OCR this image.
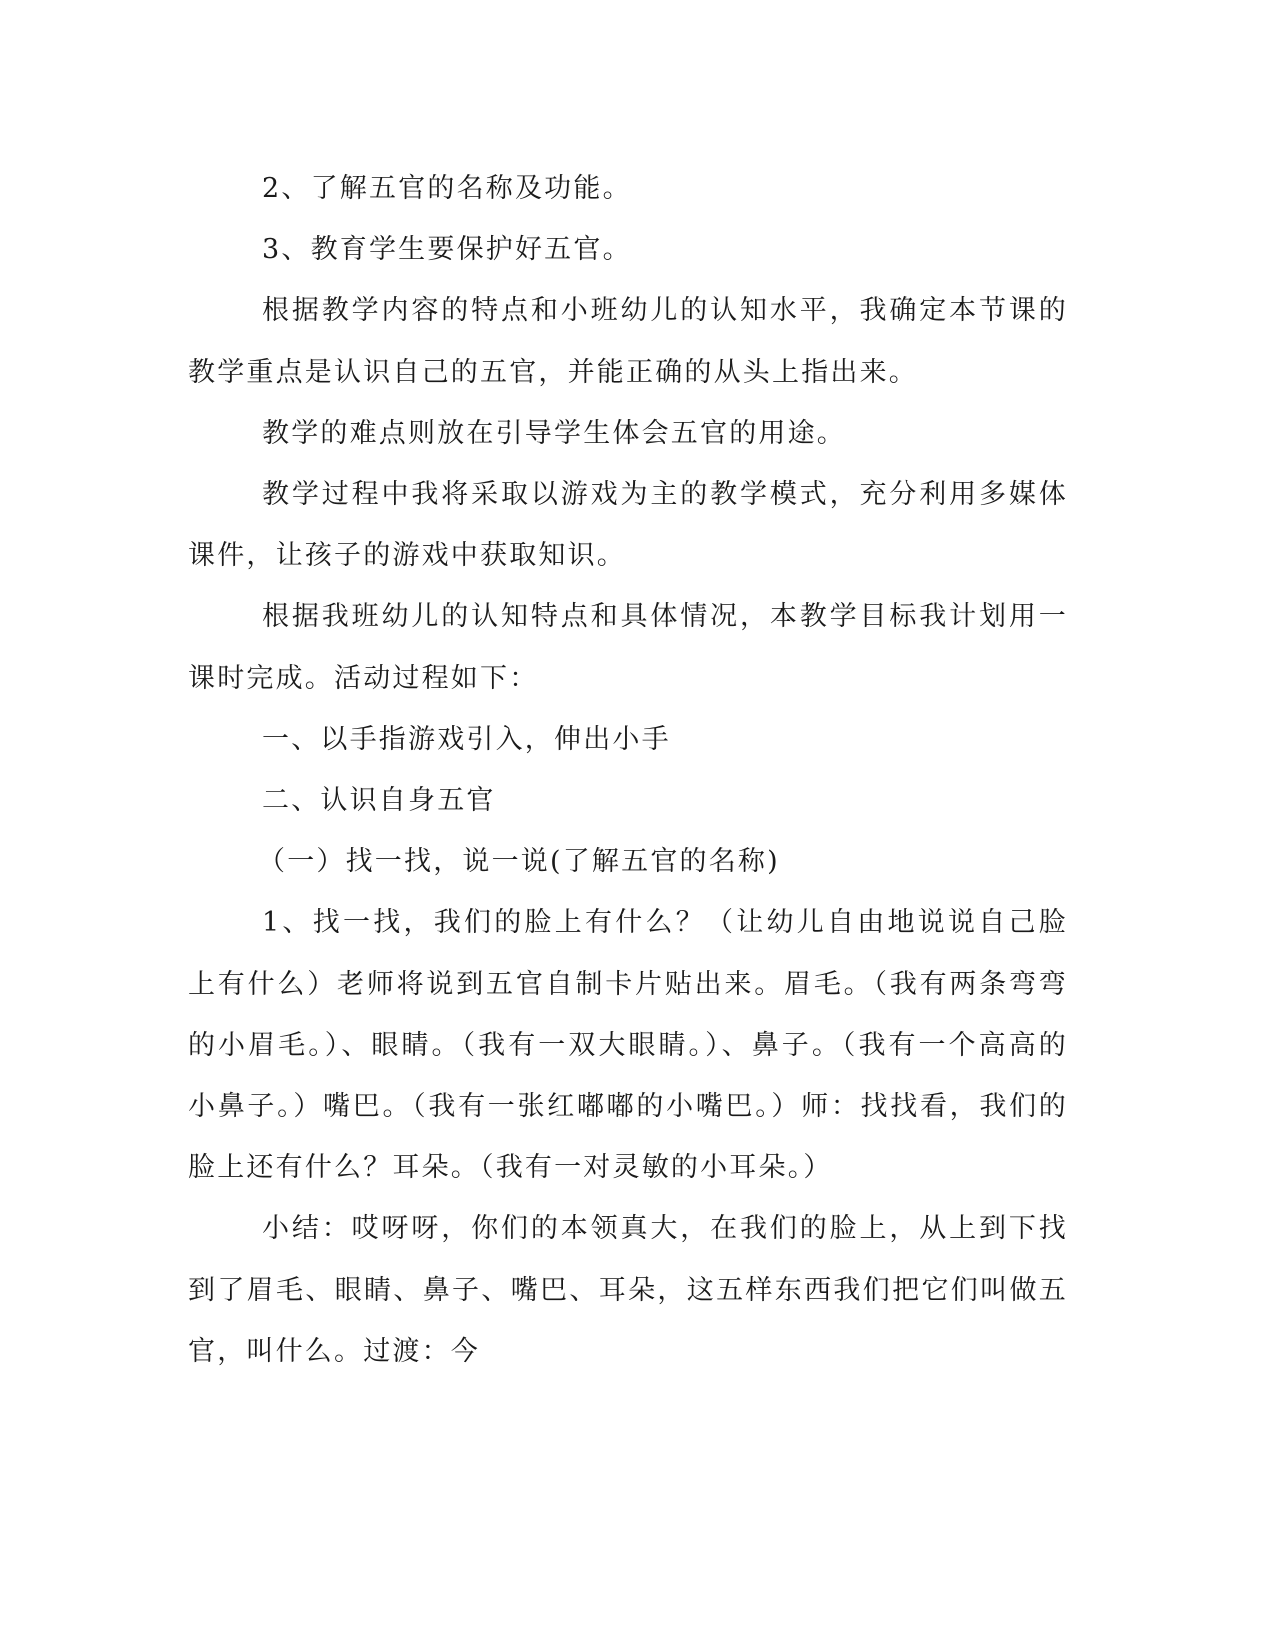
2、了解五官的名称及功能。

3、教育学生要保护好五官。

根据教学内容的特点和小班幼儿的认知水平，我确定本节课的教学重点是认识自己的五官，并能正确的从头上指出来。

教学的难点则放在引导学生体会五官的用途。

教学过程中我将采取以游戏为主的教学模式，充分利用多媒体课件，让孩子的游戏中获取知识。

根据我班幼儿的认知特点和具体情况，本教学目标我计划用一课时完成。活动过程如下：

一、以手指游戏引入，伸出小手

二、认识自身五官

（一）找一找，说一说(了解五官的名称)

1、找一找，我们的脸上有什么？（让幼儿自由地说说自己脸上有什么）老师将说到五官自制卡片贴出来。眉毛。（我有两条弯弯的小眉毛。）、眼睛。（我有一双大眼睛。）、鼻子。（我有一个高高的小鼻子。）嘴巴。（我有一张红嘟嘟的小嘴巴。）师：找找看，我们的脸上还有什么？耳朵。（我有一对灵敏的小耳朵。）

小结：哎呀呀，你们的本领真大，在我们的脸上，从上到下找到了眉毛、眼睛、鼻子、嘴巴、耳朵，这五样东西我们把它们叫做五官，叫什么。过渡：今
